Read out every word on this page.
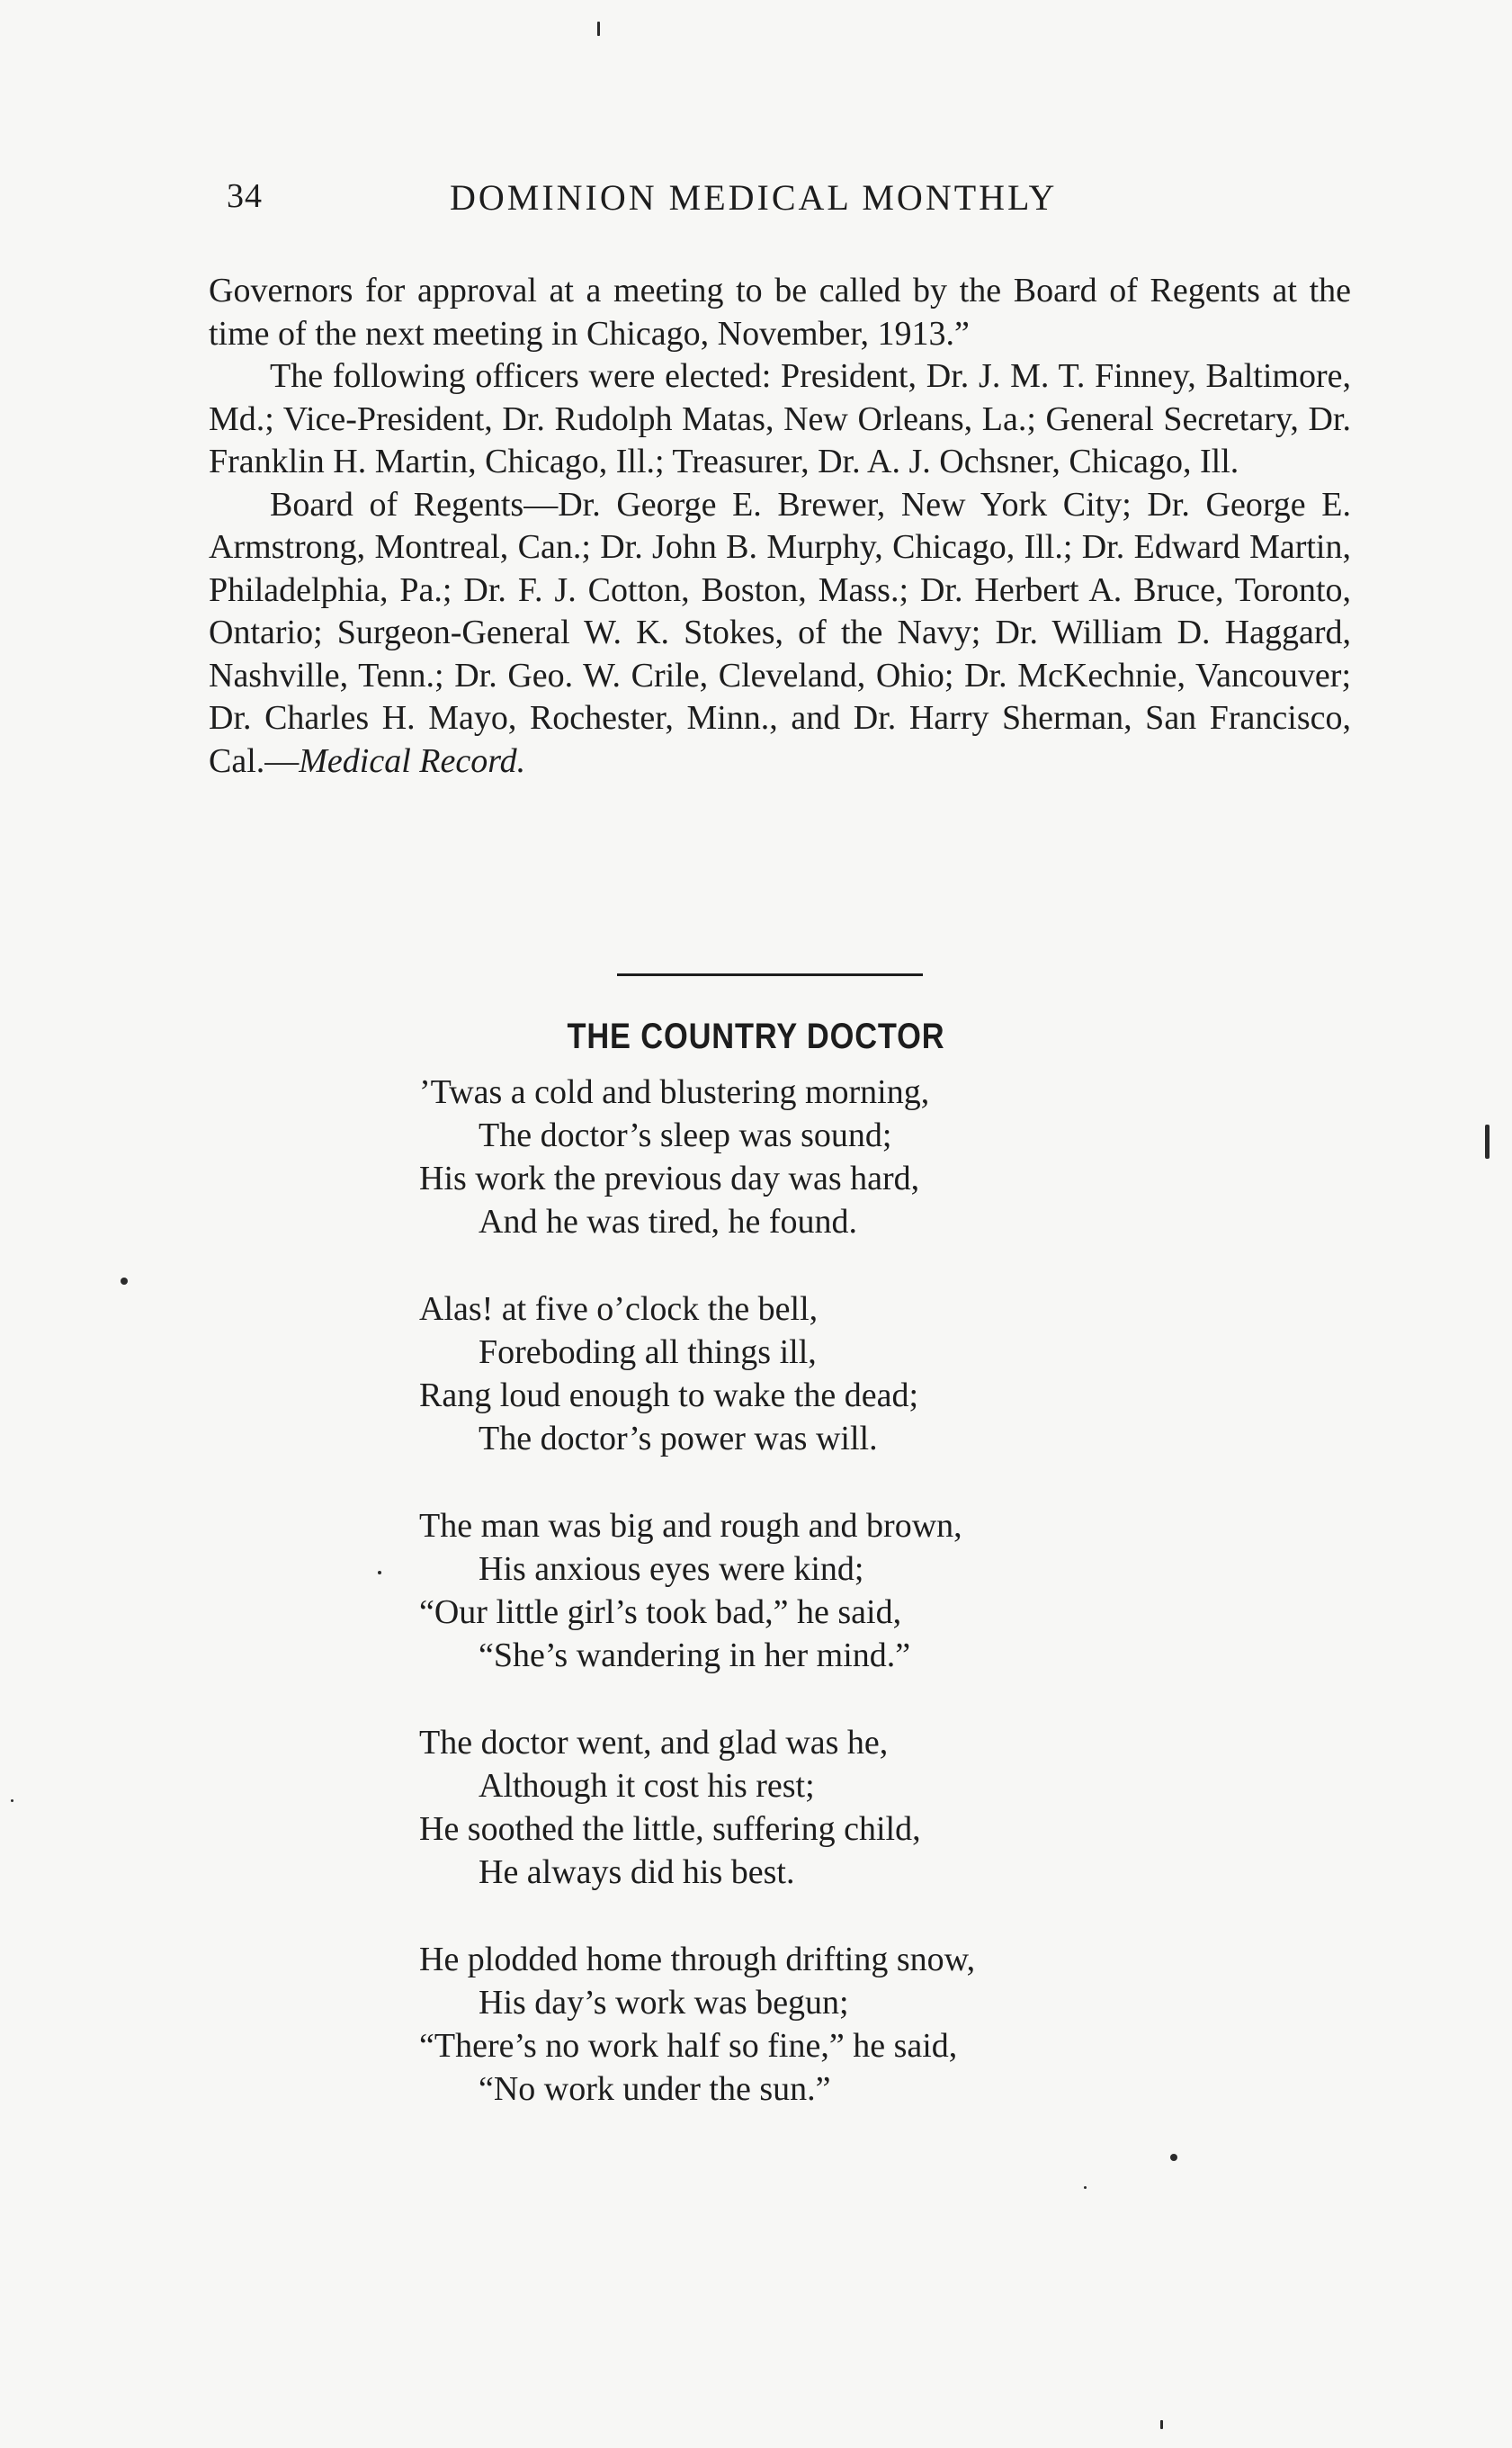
34	DOMINION MEDICAL MONTHLY

Governors for approval at a meeting to be called by the Board of Regents at the time of the next meeting in Chicago, November, 1913.”

The following officers were elected: President, Dr. J. M. T. Finney, Baltimore, Md.; Vice-President, Dr. Rudolph Matas, New Orleans, La.; General Secretary, Dr. Franklin H. Martin, Chicago, Ill.; Treasurer, Dr. A. J. Ochsner, Chicago, Ill.

Board of Regents—Dr. George E. Brewer, New York City; Dr. George E. Armstrong, Montreal, Can.; Dr. John B. Murphy, Chicago, Ill.; Dr. Edward Martin, Philadelphia, Pa.; Dr. F. J. Cotton, Boston, Mass.; Dr. Herbert A. Bruce, Toronto, Ontario; Surgeon-General W. K. Stokes, of the Navy; Dr. William D. Haggard, Nashville, Tenn.; Dr. Geo. W. Crile, Cleveland, Ohio; Dr. McKechnie, Vancouver; Dr. Charles H. Mayo, Rochester, Minn., and Dr. Harry Sherman, San Francisco, Cal.—Medical Record.

THE COUNTRY DOCTOR
’Twas a cold and blustering morning,
The doctor’s sleep was sound;
His work the previous day was hard,
And he was tired, he found.
Alas! at five o’clock the bell,
Foreboding all things ill,
Rang loud enough to wake the dead;
The doctor’s power was will.
The man was big and rough and brown,
His anxious eyes were kind;
“Our little girl’s took bad,” he said,
“She’s wandering in her mind.”
The doctor went, and glad was he,
Although it cost his rest;
He soothed the little, suffering child,
He always did his best.
He plodded home through drifting snow,
His day’s work was begun;
“There’s no work half so fine,” he said,
“No work under the sun.”
